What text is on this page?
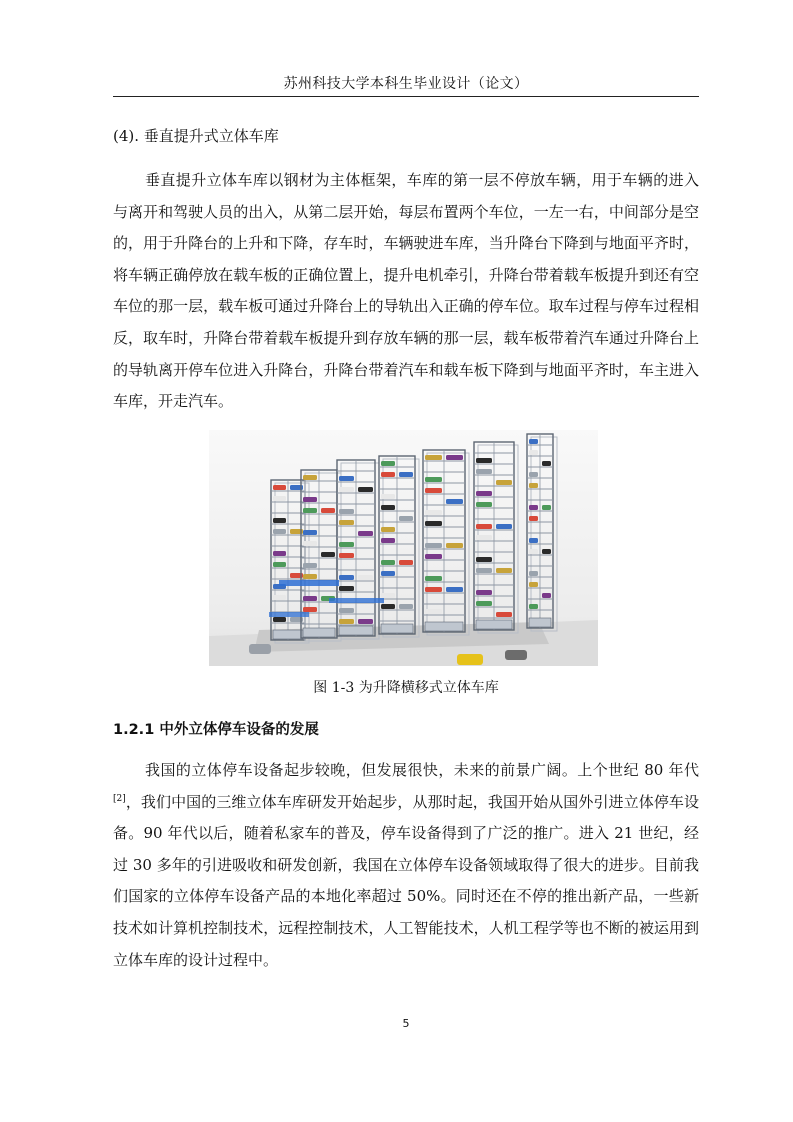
苏州科技大学本科生毕业设计（论文）
(4). 垂直提升式立体车库

垂直提升立体车库以钢材为主体框架，车库的第一层不停放车辆，用于车辆的进入与离开和驾驶人员的出入，从第二层开始，每层布置两个车位，一左一右，中间部分是空的，用于升降台的上升和下降，存车时，车辆驶进车库，当升降台下降到与地面平齐时，将车辆正确停放在载车板的正确位置上，提升电机牵引，升降台带着载车板提升到还有空车位的那一层，载车板可通过升降台上的导轨出入正确的停车位。取车过程与停车过程相反，取车时，升降台带着载车板提升到存放车辆的那一层，载车板带着汽车通过升降台上的导轨离开停车位进入升降台，升降台带着汽车和载车板下降到与地面平齐时，车主进入车库，开走汽车。

图 1-3 为升降横移式立体车库
1.2.1 中外立体停车设备的发展

我国的立体停车设备起步较晚，但发展很快，未来的前景广阔。上个世纪 80 年代[2]，我们中国的三维立体车库研发开始起步，从那时起，我国开始从国外引进立体停车设备。90 年代以后，随着私家车的普及，停车设备得到了广泛的推广。进入 21 世纪，经过 30 多年的引进吸收和研发创新，我国在立体停车设备领域取得了很大的进步。目前我们国家的立体停车设备产品的本地化率超过 50%。同时还在不停的推出新产品，一些新技术如计算机控制技术，远程控制技术，人工智能技术，人机工程学等也不断的被运用到立体车库的设计过程中。

5
